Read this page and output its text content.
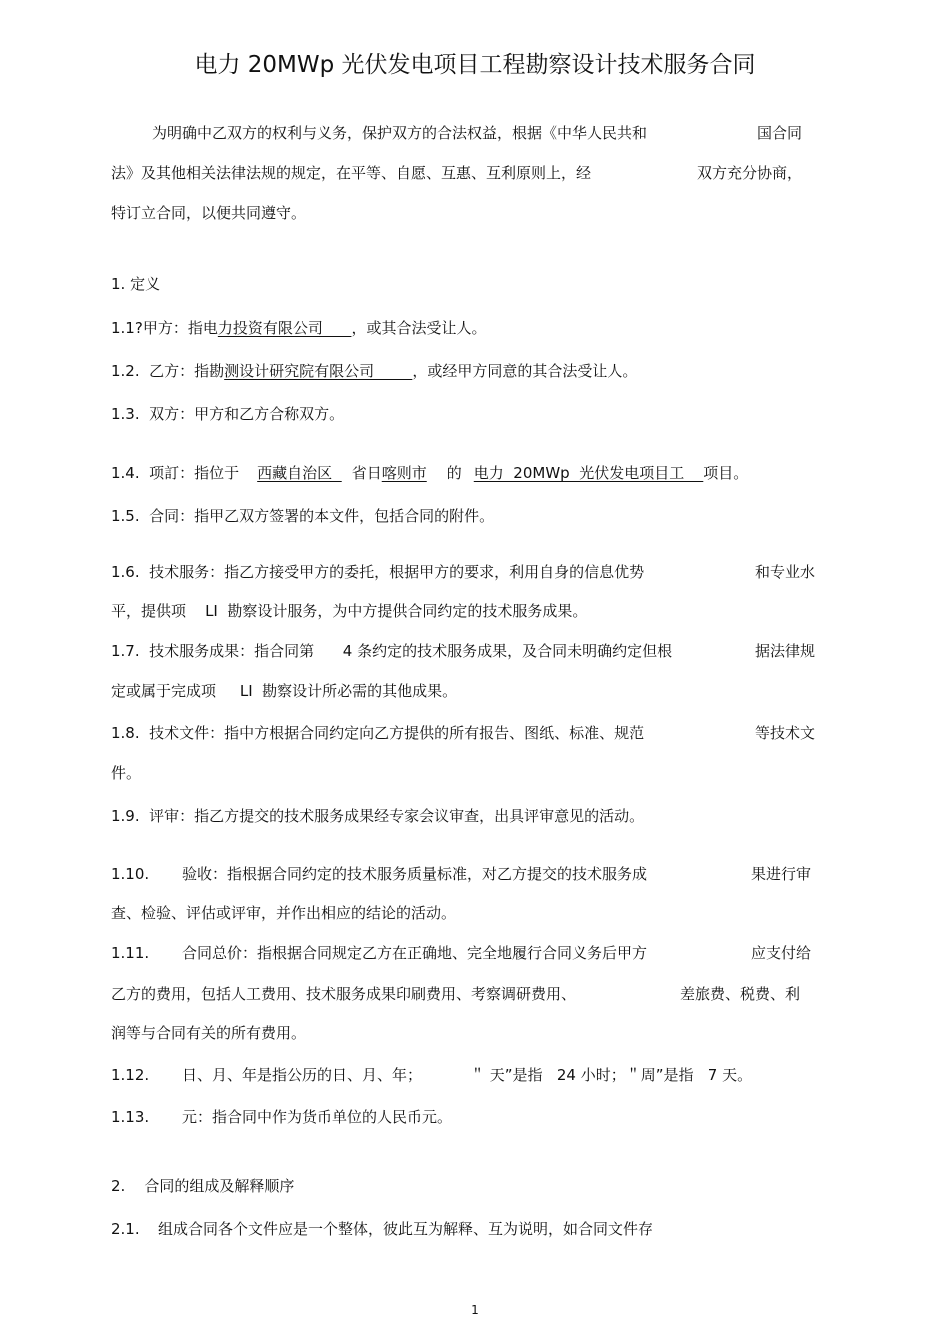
电力 20MWp 光伏发电项目工程勘察设计技术服务合同
为明确中乙双方的权利与义务，保护双方的合法权益，根据《中华人民共和	国合同
法》及其他相关法律法规的规定，在平等、自愿、互惠、互利原则上，经	双方充分协商，
特订立合同，以便共同遵守。
1. 定义
1.1?甲方：指电力投资有限公司      ，或其合法受让人。
1.2.  乙方：指勘测设计研究院有限公司        ，或经甲方同意的其合法受让人。
1.3.  双方：甲方和乙方合称双方。
1.4.  项訂：指位于 西藏自治区  省日喀则市 的 电力  20MWp  光伏发电项目工    项目。
1.5.  合同：指甲乙双方签署的本文件，包括合同的附件。
1.6.  技术服务：指乙方接受甲方的委托，根据甲方的要求，利用自身的信息优势	和专业水
平，提供项    LI  勘察设计服务，为中方提供合同约定的技术服务成果。
1.7.  技术服务成果：指合同第      4 条约定的技术服务成果，及合同未明确约定但根	据法律规
定或属于完成项     LI  勘察设计所必需的其他成果。
1.8.  技术文件：指中方根据合同约定向乙方提供的所有报告、图纸、标准、规范	等技术文
件。
1.9.  评审：指乙方提交的技术服务成果经专家会议审查，出具评审意见的活动。
1.10. 验收：指根据合同约定的技术服务质量标准，对乙方提交的技术服务成	果进行审
查、检验、评估或评审，并作出相应的结论的活动。
1.11. 合同总价：指根据合同规定乙方在正确地、完全地履行合同义务后甲方	应支付给
乙方的费用，包括人工费用、技术服务成果印刷费用、考察调研费用、	差旅费、税费、利
润等与合同有关的所有费用。
1.12. 日、月、年是指公历的日、月、年；	＂ 天”是指   24 小时；＂周”是指   7 天。
1.13. 元：指合同中作为货币单位的人民币元。
2.    合同的组成及解释顺序
2.1. 组成合同各个文件应是一个整体，彼此互为解释、互为说明，如合同文件存
1
